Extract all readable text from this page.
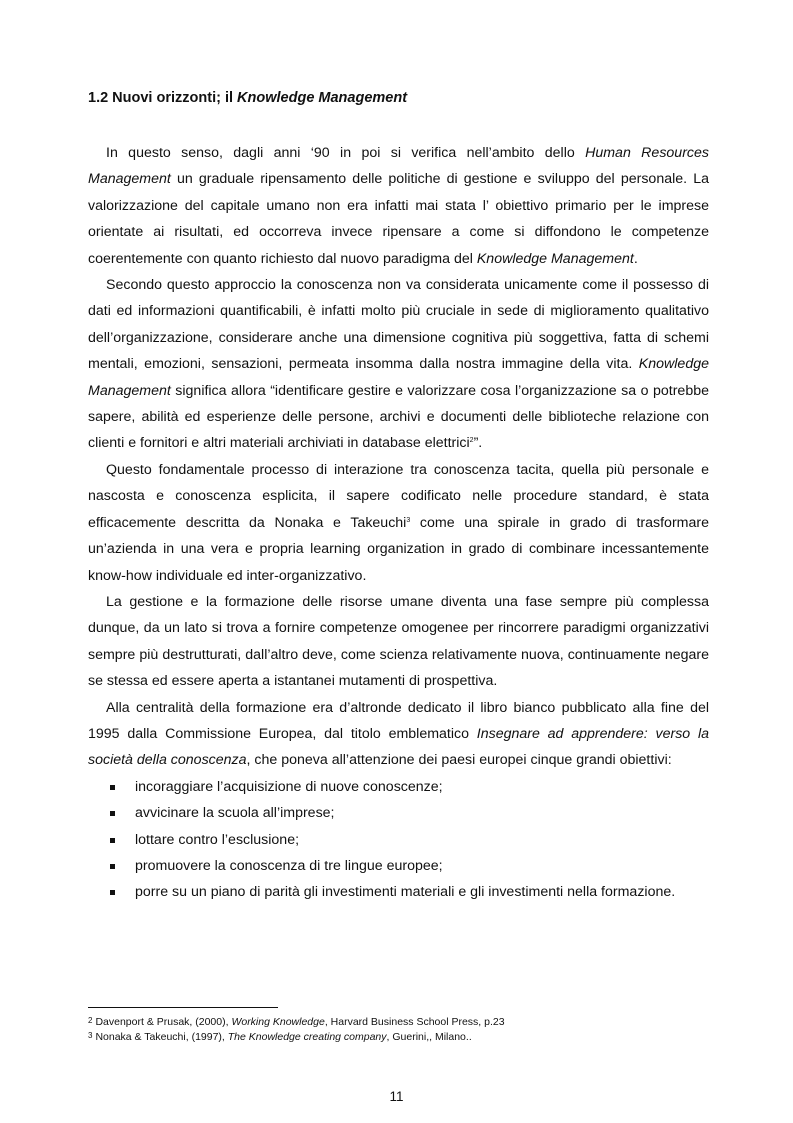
1.2 Nuovi orizzonti; il Knowledge Management

In questo senso, dagli anni ‘90 in poi si verifica nell’ambito dello Human Resources Management un graduale ripensamento delle politiche di gestione e sviluppo del personale. La valorizzazione del capitale umano non era infatti mai stata l’ obiettivo primario per le imprese orientate ai risultati, ed occorreva invece ripensare a come si diffondono le competenze coerentemente con quanto richiesto dal nuovo paradigma del Knowledge Management.

Secondo questo approccio la conoscenza non va considerata unicamente come il possesso di dati ed informazioni quantificabili, è infatti molto più cruciale in sede di miglioramento qualitativo dell’organizzazione, considerare anche una dimensione cognitiva più soggettiva, fatta di schemi mentali, emozioni, sensazioni, permeata insomma dalla nostra immagine della vita. Knowledge Management significa allora “identificare gestire e valorizzare cosa l’organizzazione sa o potrebbe sapere, abilità ed esperienze delle persone, archivi e documenti delle biblioteche relazione con clienti e fornitori e altri materiali archiviati in database elettrici$^2$”.

Questo fondamentale processo di interazione tra conoscenza tacita, quella più personale e nascosta e conoscenza esplicita, il sapere codificato nelle procedure standard, è stata efficacemente descritta da Nonaka e Takeuchi$^3$ come una spirale in grado di trasformare un’azienda in una vera e propria learning organization in grado di combinare incessantemente know-how individuale ed inter-organizzativo.

La gestione e la formazione delle risorse umane diventa una fase sempre più complessa dunque, da un lato si trova a fornire competenze omogenee per rincorrere paradigmi organizzativi sempre più destrutturati, dall’altro deve, come scienza relativamente nuova, continuamente negare se stessa ed essere aperta a istantanei mutamenti di prospettiva.

Alla centralità della formazione era d’altronde dedicato il libro bianco pubblicato alla fine del 1995 dalla Commissione Europea, dal titolo emblematico Insegnare ad apprendere: verso la società della conoscenza, che poneva all’attenzione dei paesi europei cinque grandi obiettivi:

incoraggiare l’acquisizione di nuove conoscenze;
avvicinare la scuola all’imprese;
lottare contro l’esclusione;
promuovere la conoscenza di tre lingue europee;
porre su un piano di parità gli investimenti materiali e gli investimenti nella formazione.
2 Davenport & Prusak, (2000), Working Knowledge, Harvard Business School Press, p.23
3 Nonaka & Takeuchi, (1997), The Knowledge creating company, Guerini,, Milano..
11
